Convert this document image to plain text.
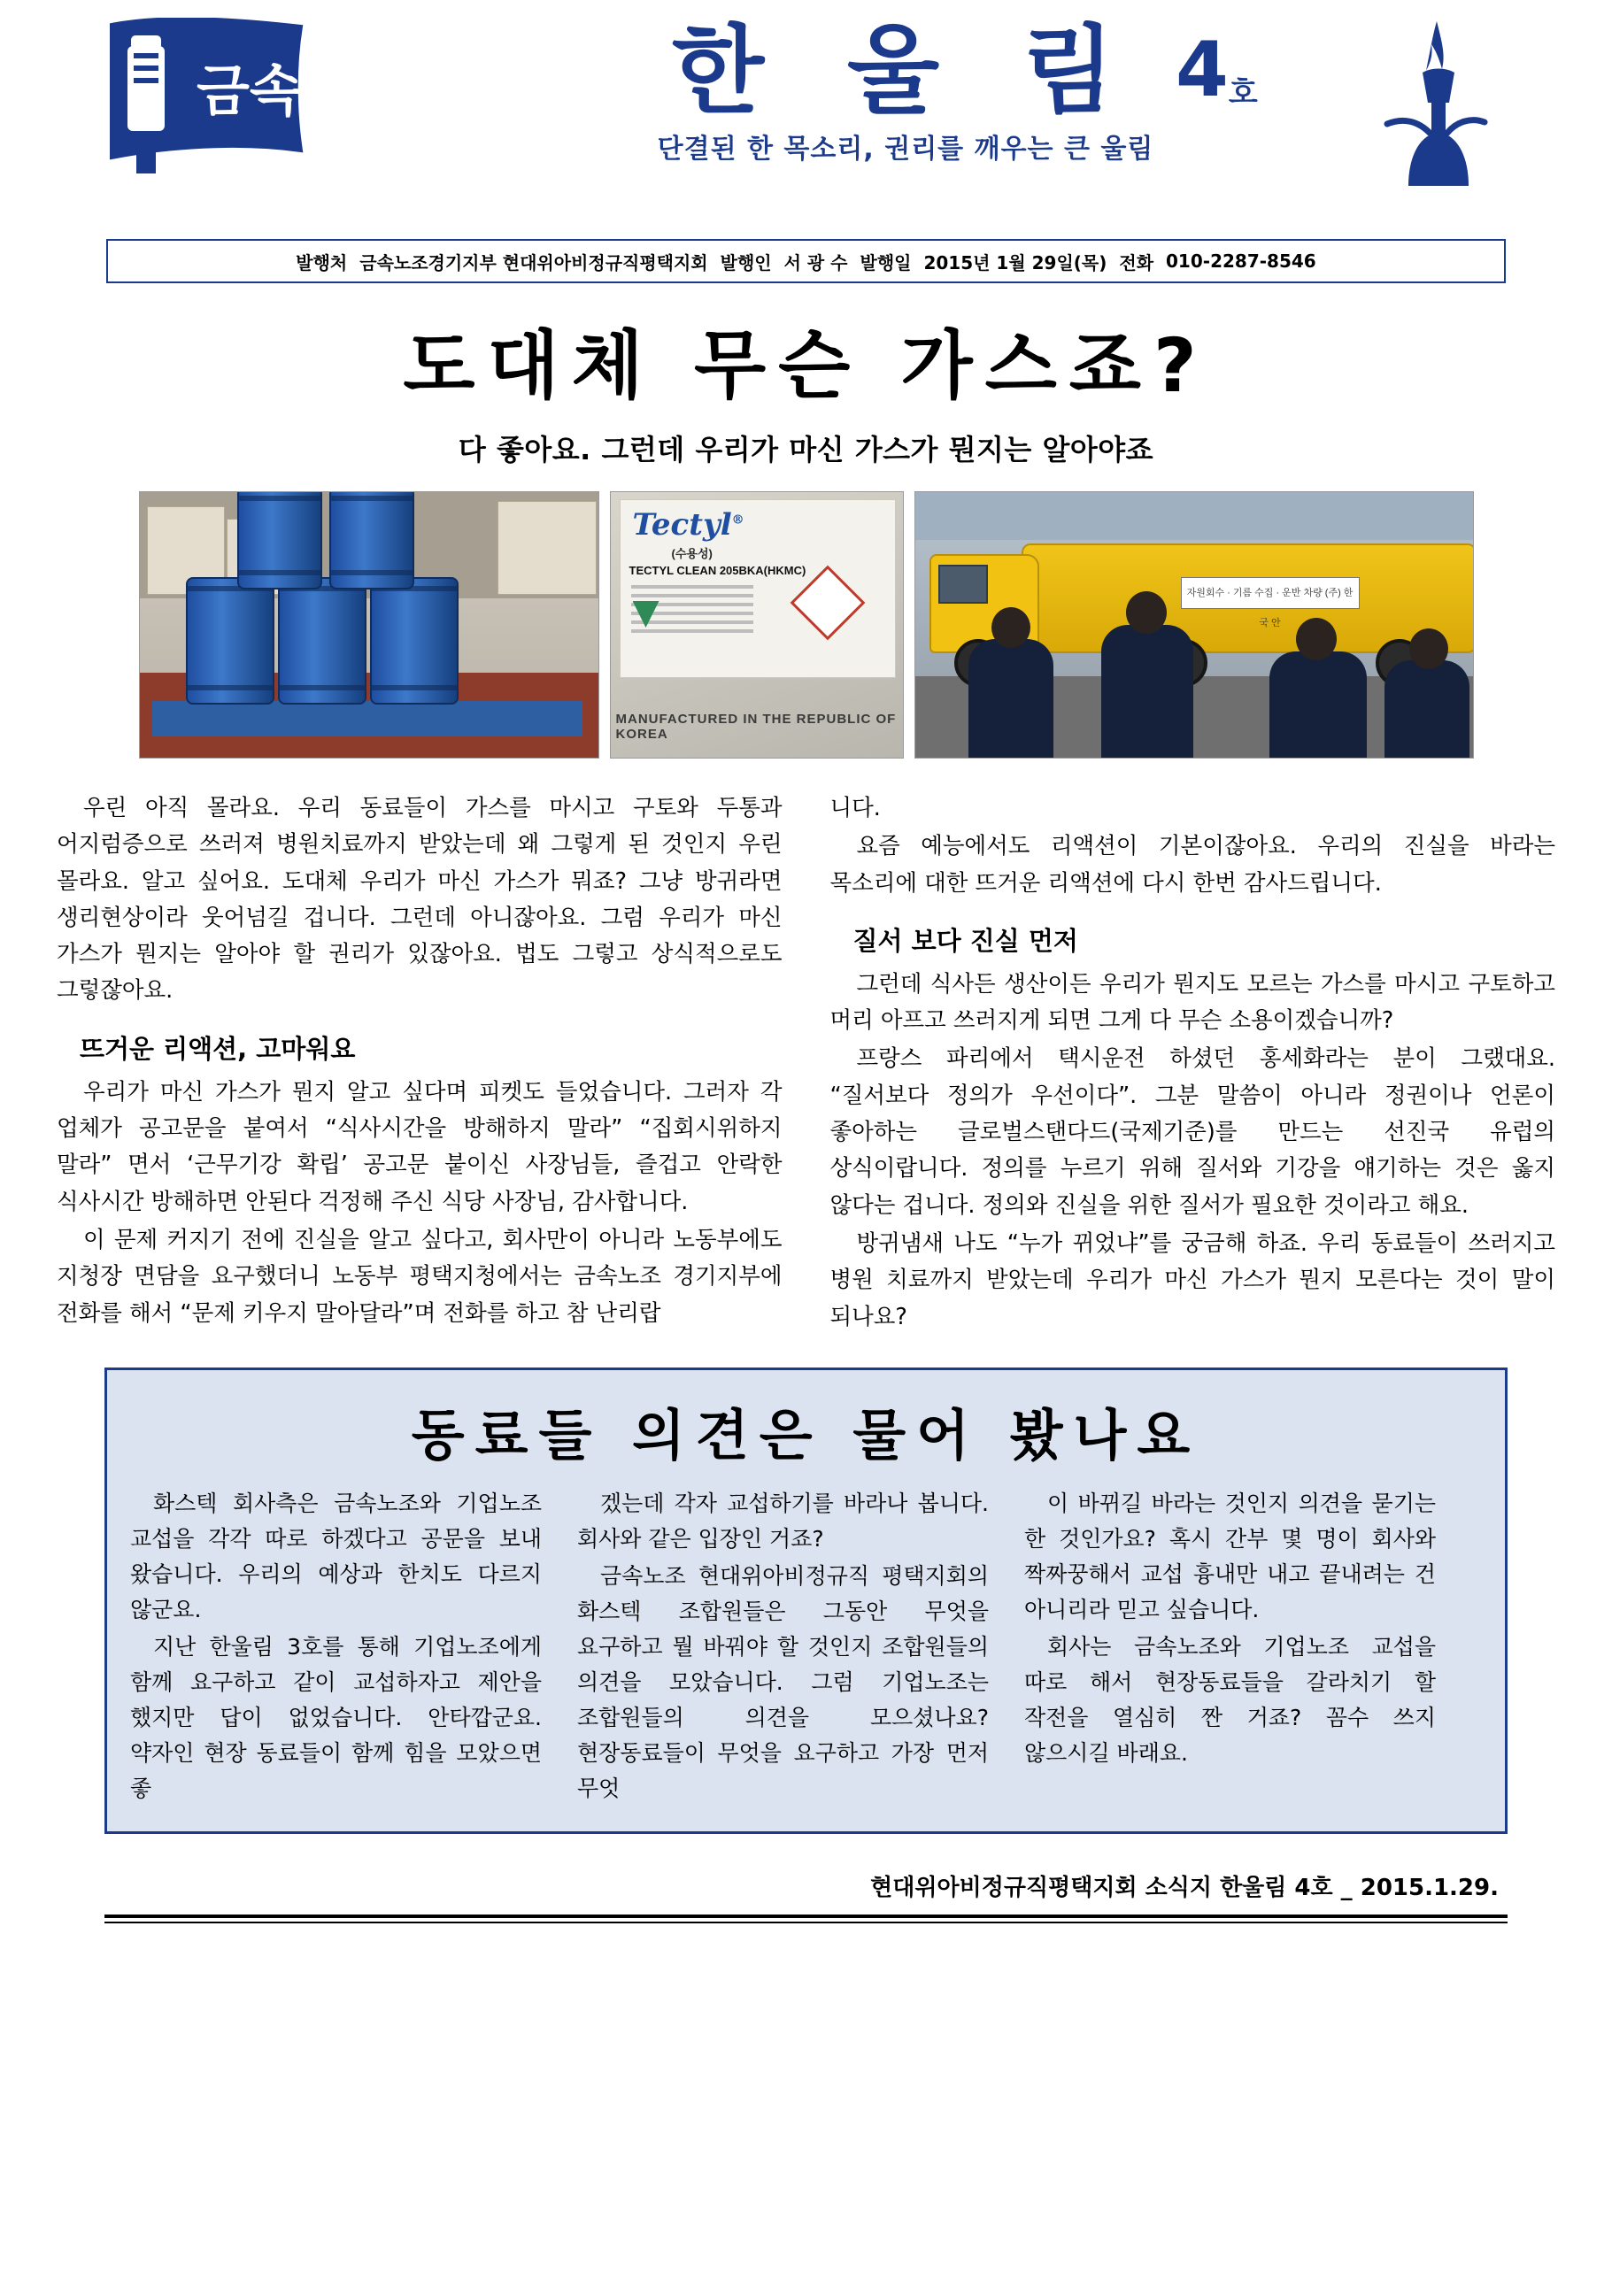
금속	한 울 림
단결된 한 목소리, 권리를 깨우는 큰 울림
4호
발행처 금속노조경기지부 현대위아비정규직평택지회 발행인 서 광 수 발행일 2015년 1월 29일(목) 전화 010-2287-8546
도대체 무슨 가스죠?
다 좋아요. 그런데 우리가 마신 가스가 뭔지는 알아야죠
Tectyl®
(수용성)
TECTYL CLEAN 205BKA(HKMC)
MANUFACTURED IN THE REPUBLIC OF KOREA
자원회수 · 기름 수집 · 운반 차량 (주) 한 국 안

우린 아직 몰라요. 우리 동료들이 가스를 마시고 구토와 두통과 어지럼증으로 쓰러져 병원치료까지 받았는데 왜 그렇게 된 것인지 우린 몰라요. 알고 싶어요. 도대체 우리가 마신 가스가 뭐죠? 그냥 방귀라면 생리현상이라 웃어넘길 겁니다. 그런데 아니잖아요. 그럼 우리가 마신 가스가 뭔지는 알아야 할 권리가 있잖아요. 법도 그렇고 상식적으로도 그렇잖아요.

뜨거운 리액션, 고마워요

우리가 마신 가스가 뭔지 알고 싶다며 피켓도 들었습니다. 그러자 각 업체가 공고문을 붙여서 “식사시간을 방해하지 말라” “집회시위하지 말라” 면서 ‘근무기강 확립’ 공고문 붙이신 사장님들, 즐겁고 안락한 식사시간 방해하면 안된다 걱정해 주신 식당 사장님, 감사합니다.

이 문제 커지기 전에 진실을 알고 싶다고, 회사만이 아니라 노동부에도 지청장 면담을 요구했더니 노동부 평택지청에서는 금속노조 경기지부에 전화를 해서 “문제 키우지 말아달라”며 전화를 하고 참 난리랍

니다.

요즘 예능에서도 리액션이 기본이잖아요. 우리의 진실을 바라는 목소리에 대한 뜨거운 리액션에 다시 한번 감사드립니다.

질서 보다 진실 먼저

그런데 식사든 생산이든 우리가 뭔지도 모르는 가스를 마시고 구토하고 머리 아프고 쓰러지게 되면 그게 다 무슨 소용이겠습니까?

프랑스 파리에서 택시운전 하셨던 홍세화라는 분이 그랬대요. “질서보다 정의가 우선이다”. 그분 말씀이 아니라 정권이나 언론이 좋아하는 글로벌스탠다드(국제기준)를 만드는 선진국 유럽의 상식이랍니다. 정의를 누르기 위해 질서와 기강을 얘기하는 것은 옳지 않다는 겁니다. 정의와 진실을 위한 질서가 필요한 것이라고 해요.

방귀냄새 나도 “누가 뀌었냐”를 궁금해 하죠. 우리 동료들이 쓰러지고 병원 치료까지 받았는데 우리가 마신 가스가 뭔지 모른다는 것이 말이 되나요?

동료들 의견은 물어 봤나요

화스텍 회사측은 금속노조와 기업노조 교섭을 각각 따로 하겠다고 공문을 보내 왔습니다. 우리의 예상과 한치도 다르지 않군요.

지난 한울림 3호를 통해 기업노조에게 함께 요구하고 같이 교섭하자고 제안을 했지만 답이 없었습니다. 안타깝군요. 약자인 현장 동료들이 함께 힘을 모았으면 좋

겠는데 각자 교섭하기를 바라나 봅니다. 회사와 같은 입장인 거죠?

금속노조 현대위아비정규직 평택지회의 화스텍 조합원들은 그동안 무엇을 요구하고 뭘 바꿔야 할 것인지 조합원들의 의견을 모았습니다. 그럼 기업노조는 조합원들의 의견을 모으셨나요? 현장동료들이 무엇을 요구하고 가장 먼저 무엇

이 바뀌길 바라는 것인지 의견을 묻기는 한 것인가요? 혹시 간부 몇 명이 회사와 짝짜꿍해서 교섭 흉내만 내고 끝내려는 건 아니리라 믿고 싶습니다.

회사는 금속노조와 기업노조 교섭을 따로 해서 현장동료들을 갈라치기 할 작전을 열심히 짠 거죠? 꼼수 쓰지 않으시길 바래요.

현대위아비정규직평택지회 소식지 한울림 4호 _ 2015.1.29.
